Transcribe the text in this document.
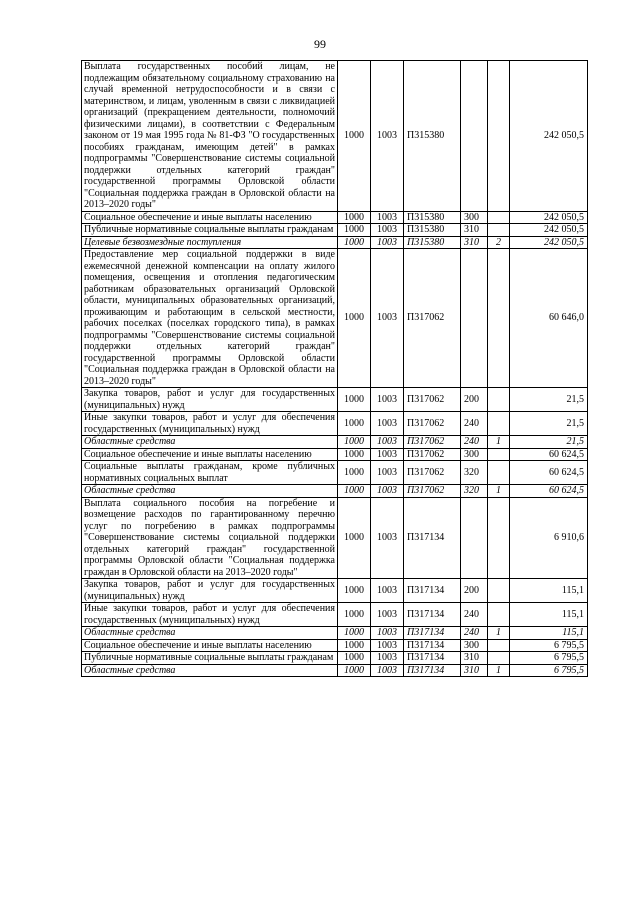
99
Выплата государственных пособий лицам, не подлежащим обязательному социальному страхованию на случай временной нетрудоспособности и в связи с материнством, и лицам, уволенным в связи с ликвидацией организаций (прекращением деятельности, полномочий физическими лицами), в соответствии с Федеральным законом от 19 мая 1995 года № 81-ФЗ "О государственных пособиях гражданам, имеющим детей" в рамках подпрограммы "Совершенствование системы социальной поддержки отдельных категорий граждан" государственной программы Орловской области "Социальная поддержка граждан в Орловской области на 2013–2020 годы"	1000	1003	П315380			242 050,5
Социальное обеспечение и иные выплаты населению	1000	1003	П315380	300		242 050,5
Публичные нормативные социальные выплаты гражданам	1000	1003	П315380	310		242 050,5
Целевые безвозмездные поступления	1000	1003	П315380	310	2	242 050,5
Предоставление мер социальной поддержки в виде ежемесячной денежной компенсации на оплату жилого помещения, освещения и отопления педагогическим работникам образовательных организаций Орловской области, муниципальных образовательных организаций, проживающим и работающим в сельской местности, рабочих поселках (поселках городского типа), в рамках подпрограммы "Совершенствование системы социальной поддержки отдельных категорий граждан" государственной программы Орловской области "Социальная поддержка граждан в Орловской области на 2013–2020 годы"	1000	1003	П317062			60 646,0
Закупка товаров, работ и услуг для государственных (муниципальных) нужд	1000	1003	П317062	200		21,5
Иные закупки товаров, работ и услуг для обеспечения государственных (муниципальных) нужд	1000	1003	П317062	240		21,5
Областные средства	1000	1003	П317062	240	1	21,5
Социальное обеспечение и иные выплаты населению	1000	1003	П317062	300		60 624,5
Социальные выплаты гражданам, кроме публичных нормативных социальных выплат	1000	1003	П317062	320		60 624,5
Областные средства	1000	1003	П317062	320	1	60 624,5
Выплата социального пособия на погребение и возмещение расходов по гарантированному перечню услуг по погребению в рамках подпрограммы "Совершенствование системы социальной поддержки отдельных категорий граждан" государственной программы Орловской области "Социальная поддержка граждан в Орловской области на 2013–2020 годы"	1000	1003	П317134			6 910,6
Закупка товаров, работ и услуг для государственных (муниципальных) нужд	1000	1003	П317134	200		115,1
Иные закупки товаров, работ и услуг для обеспечения государственных (муниципальных) нужд	1000	1003	П317134	240		115,1
Областные средства	1000	1003	П317134	240	1	115,1
Социальное обеспечение и иные выплаты населению	1000	1003	П317134	300		6 795,5
Публичные нормативные социальные выплаты гражданам	1000	1003	П317134	310		6 795,5
Областные средства	1000	1003	П317134	310	1	6 795,5
